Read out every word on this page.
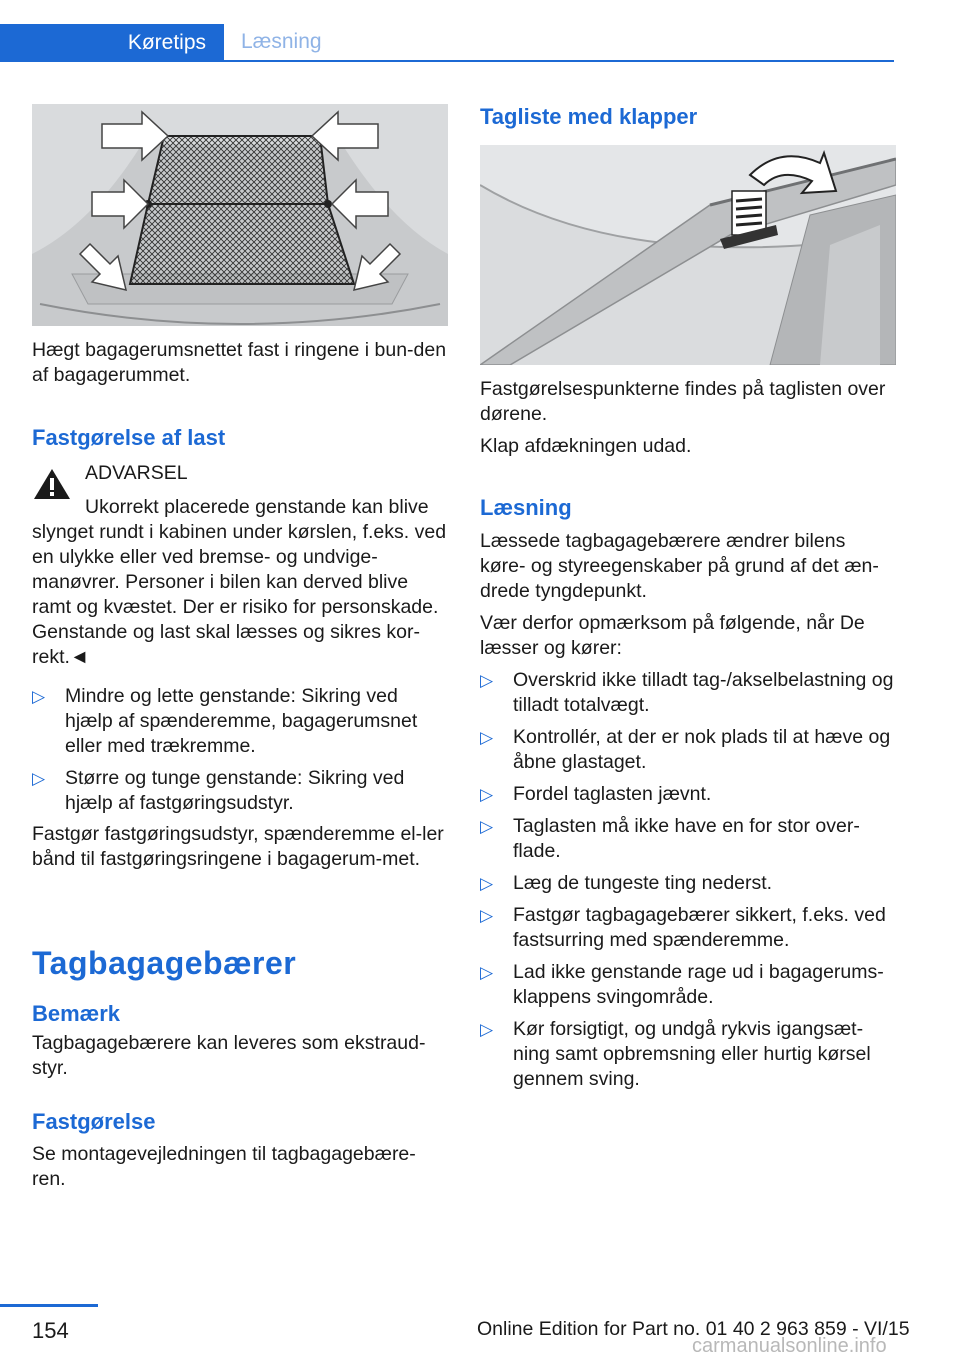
Køretips Læsning

Hægt bagagerumsnettet fast i ringene i bun-den af bagagerummet.

Fastgørelse af last

ADVARSEL

Ukorrekt placerede genstande kan blive

slynget rundt i kabinen under kørslen, f.eks. ved en ulykke eller ved bremse- og undvige-manøvrer. Personer i bilen kan derved blive ramt og kvæstet. Der er risiko for personskade. Genstande og last skal læsses og sikres kor-rekt.◄

▷	Mindre og lette genstande: Sikring ved hjælp af spænderemme, bagagerumsnet eller med trækremme.
▷	Større og tunge genstande: Sikring ved hjælp af fastgøringsudstyr.

Fastgør fastgøringsudstyr, spænderemme el-ler bånd til fastgøringsringene i bagagerum-met.

Tagbagagebærer
Bemærk

Tagbagagebærere kan leveres som ekstraud-styr.

Fastgørelse

Se montagevejledningen til tagbagagebære-ren.

Tagliste med klapper

Fastgørelsespunkterne findes på taglisten over dørene.

Klap afdækningen udad.

Læsning

Læssede tagbagagebærere ændrer bilens køre- og styreegenskaber på grund af det æn-drede tyngdepunkt.

Vær derfor opmærksom på følgende, når De læsser og kører:

▷	Overskrid ikke tilladt tag-/akselbelastning og tilladt totalvægt.
▷	Kontrollér, at der er nok plads til at hæve og åbne glastaget.
▷	Fordel taglasten jævnt.
▷	Taglasten må ikke have en for stor over-flade.
▷	Læg de tungeste ting nederst.
▷	Fastgør tagbagagebærer sikkert, f.eks. ved fastsurring med spænderemme.
▷	Lad ikke genstande rage ud i bagagerums-klappens svingområde.
▷	Kør forsigtigt, og undgå rykvis igangsæt-ning samt opbremsning eller hurtig kørsel gennem sving.
154	Online Edition for Part no. 01 40 2 963 859 - VI/15
carmanualsonline.info
